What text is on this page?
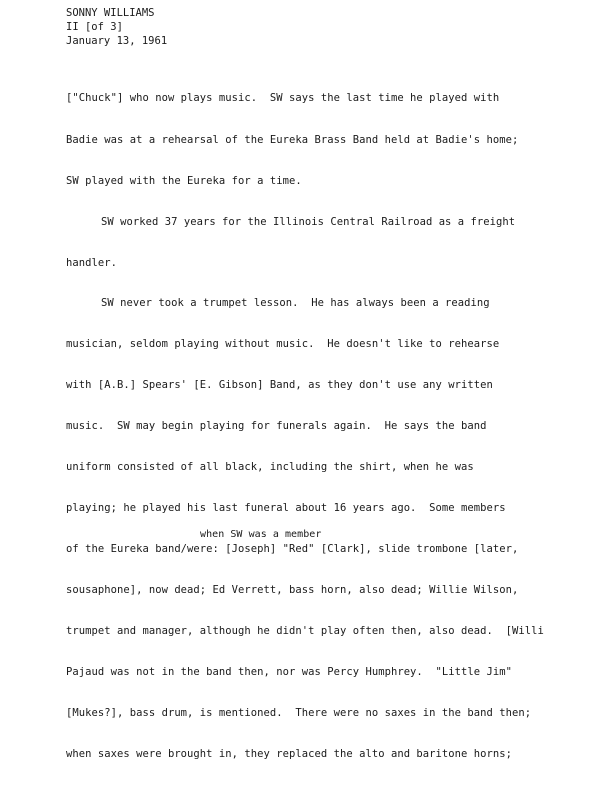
SONNY WILLIAMS
II [of 3]
January 13, 1961
["Chuck"] who now plays music.  SW says the last time he played with
Badie was at a rehearsal of the Eureka Brass Band held at Badie's home;
SW played with the Eureka for a time.
SW worked 37 years for the Illinois Central Railroad as a freight
handler.
SW never took a trumpet lesson.  He has always been a reading
musician, seldom playing without music.  He doesn't like to rehearse
with [A.B.] Spears' [E. Gibson] Band, as they don't use any written
music.  SW may begin playing for funerals again.  He says the band
uniform consisted of all black, including the shirt, when he was
playing; he played his last funeral about 16 years ago.  Some members
when SW was a member
of the Eureka band/were: [Joseph] "Red" [Clark], slide trombone [later,
sousaphone], now dead; Ed Verrett, bass horn, also dead; Willie Wilson,
trumpet and manager, although he didn't play often then, also dead.  [Willi
Pajaud was not in the band then, nor was Percy Humphrey.  "Little Jim"
[Mukes?], bass drum, is mentioned.  There were no saxes in the band then;
when saxes were brought in, they replaced the alto and baritone horns;
